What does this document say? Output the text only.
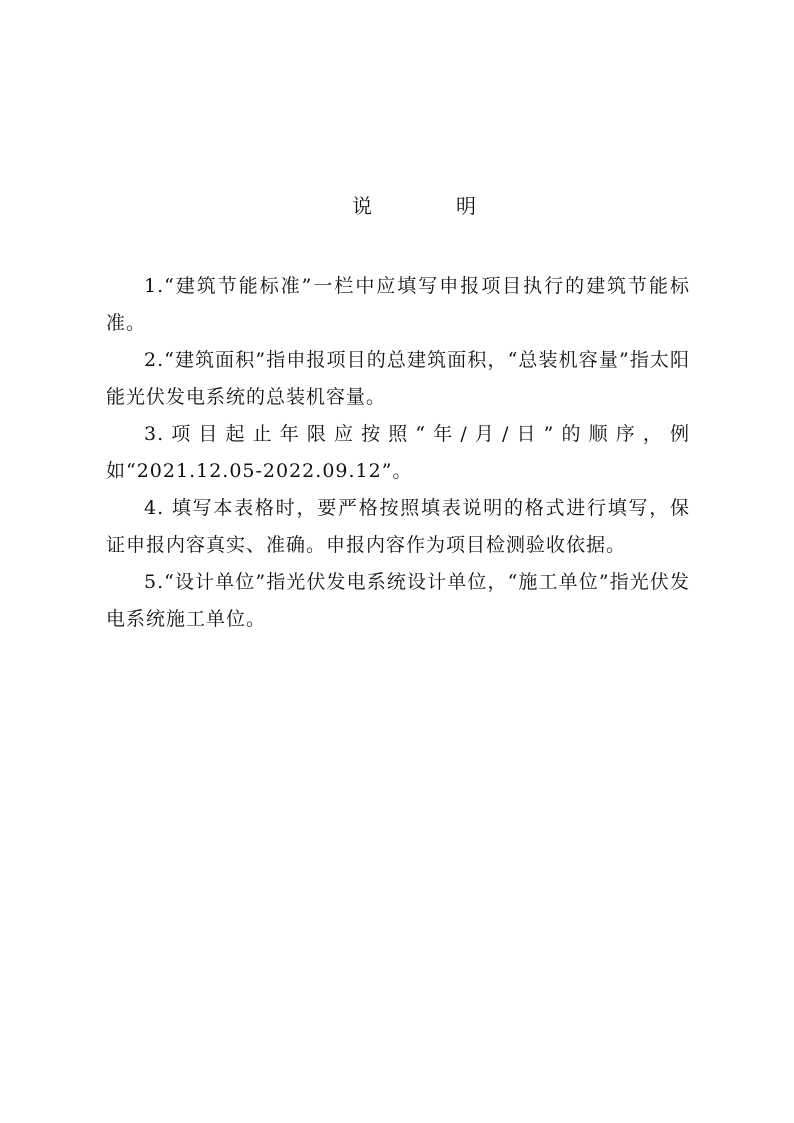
说	明

1.“建筑节能标准”一栏中应填写申报项目执行的建筑节能标准。

2.“建筑面积”指申报项目的总建筑面积，“总装机容量”指太阳能光伏发电系统的总装机容量。

3.项目起止年限应按照“年/月/日”的顺序，例如“2021.12.05-2022.09.12”。

4. 填写本表格时，要严格按照填表说明的格式进行填写，保证申报内容真实、准确。申报内容作为项目检测验收依据。

5.“设计单位”指光伏发电系统设计单位，“施工单位”指光伏发电系统施工单位。
